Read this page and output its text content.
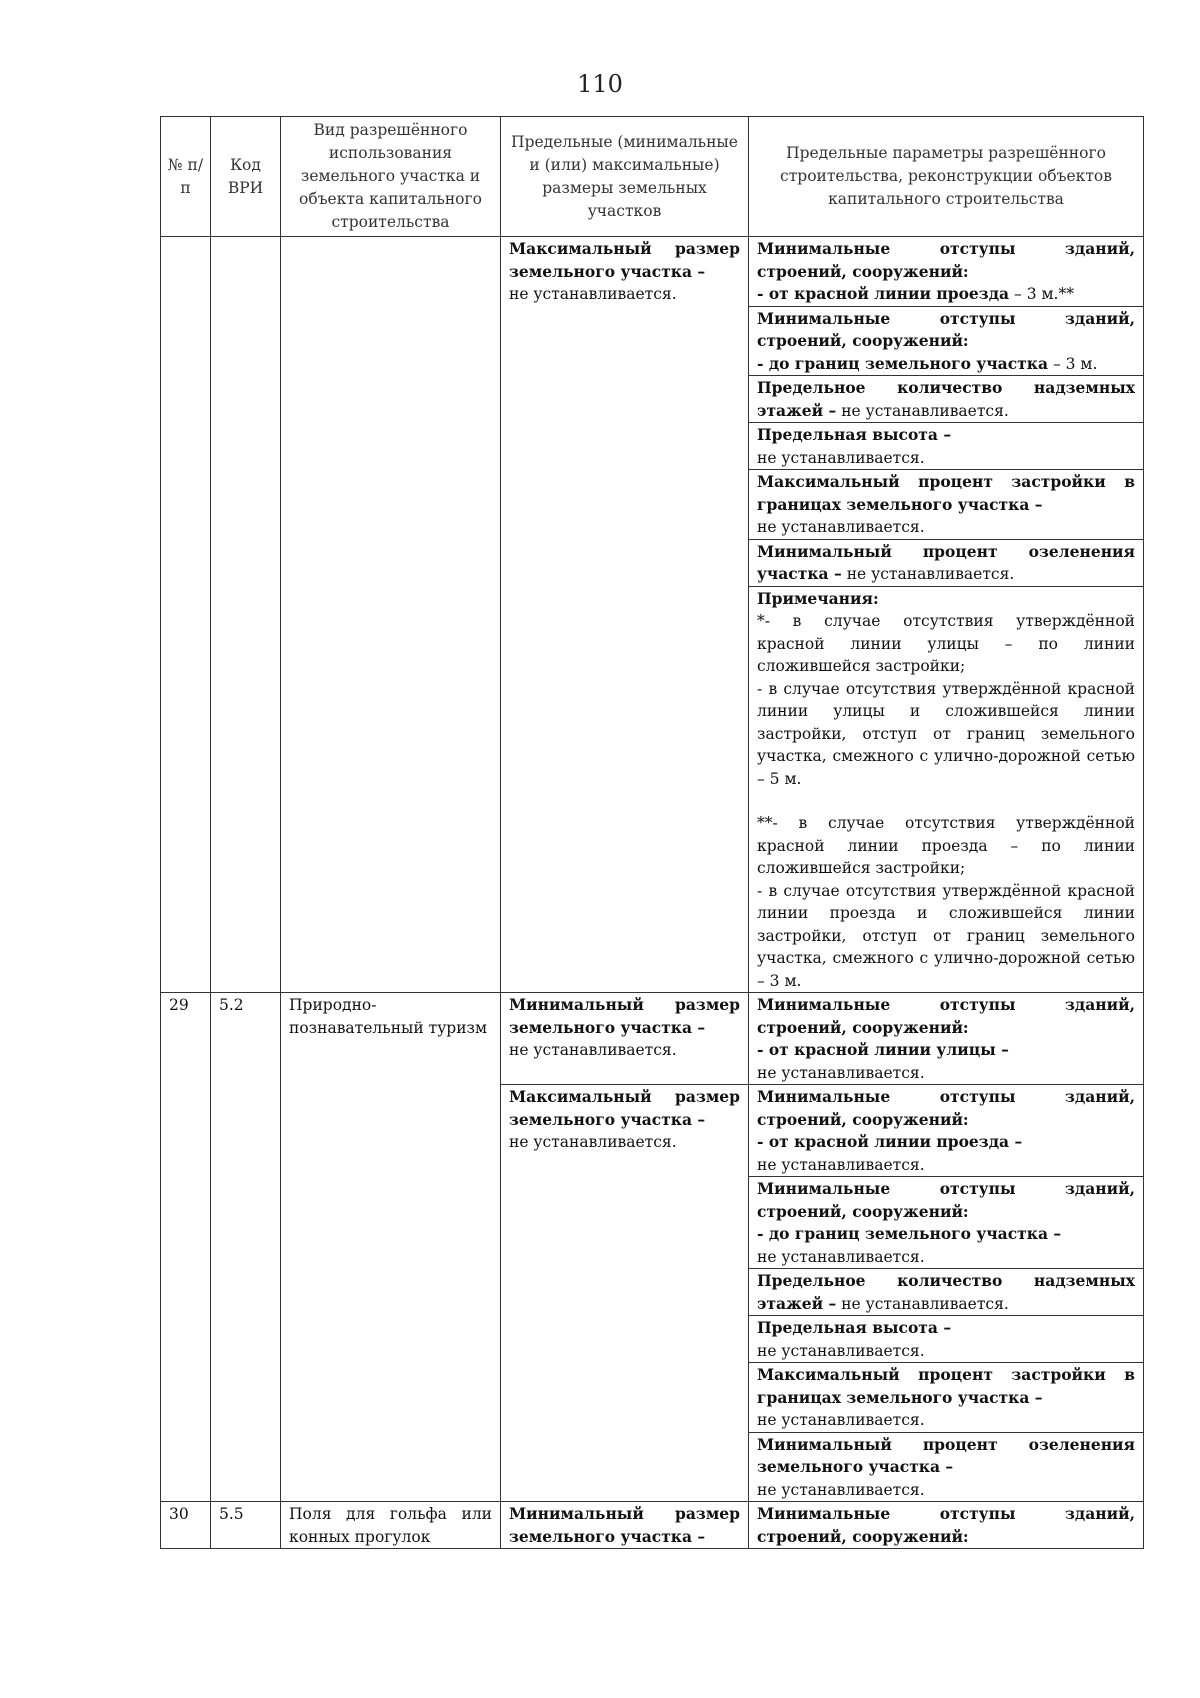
110
№ п/п	Код ВРИ	Вид разрешённого использования земельного участка и объекта капитального строительства	Предельные (минимальные и (или) максимальные) размеры земельных участков	Предельные параметры разрешённого строительства, реконструкции объектов капитального строительства
			Максимальный размер земельного участка –
не устанавливается.	Минимальные отступы зданий, строений, сооружений:
- от красной линии проезда – 3 м.**

				Минимальные отступы зданий, строений, сооружений:
- до границ земельного участка – 3 м.

				Предельное количество надземных этажей – не устанавливается.
				Предельная высота –
не устанавливается.

				Максимальный процент застройки в границах земельного участка –
не устанавливается.

				Минимальный процент озеленения участка – не устанавливается.
				Примечания:

*- в случае отсутствия утверждённой красной линии улицы – по линии сложившейся застройки;

- в случае отсутствия утверждённой красной линии улицы и сложившейся линии застройки, отступ от границ земельного участка, смежного с улично-дорожной сетью – 5 м.

**- в случае отсутствия утверждённой красной линии проезда – по линии сложившейся застройки;

- в случае отсутствия утверждённой красной линии проезда и сложившейся линии застройки, отступ от границ земельного участка, смежного с улично-дорожной сетью – 3 м.

29	5.2	Природно-познавательный туризм	Минимальный размер земельного участка –
не устанавливается.	Минимальные отступы зданий, строений, сооружений:
- от красной линии улицы –
не устанавливается.

			Максимальный размер земельного участка –
не устанавливается.	Минимальные отступы зданий, строений, сооружений:
- от красной линии проезда –
не устанавливается.

				Минимальные отступы зданий, строений, сооружений:
- до границ земельного участка –
не устанавливается.

				Предельное количество надземных этажей – не устанавливается.
				Предельная высота –
не устанавливается.

				Максимальный процент застройки в границах земельного участка –
не устанавливается.

				Минимальный процент озеленения земельного участка –
не устанавливается.

30	5.5	Поля для гольфа или конных прогулок	Минимальный размер земельного участка –	Минимальные отступы зданий, строений, сооружений:
